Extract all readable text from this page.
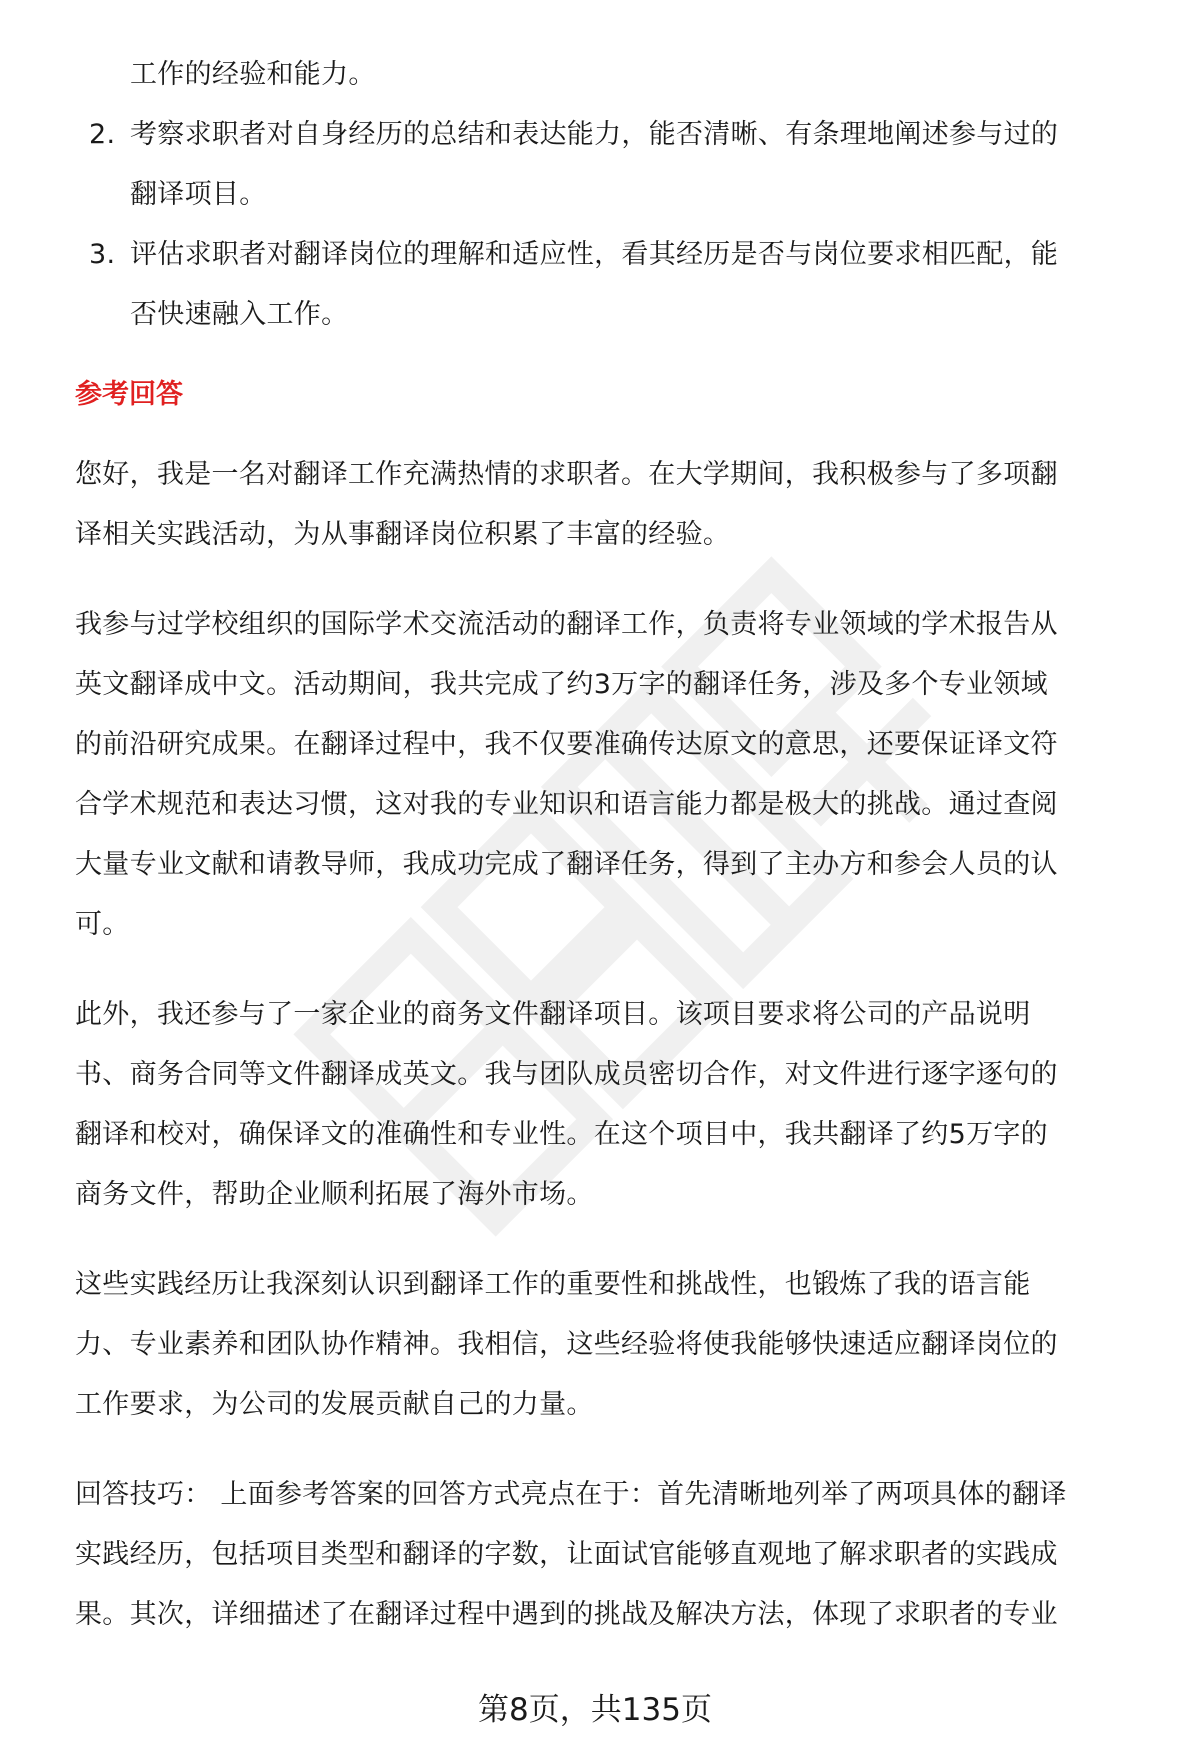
工作的经验和能力。
2. 考察求职者对自身经历的总结和表达能力，能否清晰、有条理地阐述参与过的
翻译项目。
3. 评估求职者对翻译岗位的理解和适应性，看其经历是否与岗位要求相匹配，能
否快速融入工作。
参考回答
您好，我是一名对翻译工作充满热情的求职者。在大学期间，我积极参与了多项翻
译相关实践活动，为从事翻译岗位积累了丰富的经验。
我参与过学校组织的国际学术交流活动的翻译工作，负责将专业领域的学术报告从
英文翻译成中文。活动期间，我共完成了约3万字的翻译任务，涉及多个专业领域
的前沿研究成果。在翻译过程中，我不仅要准确传达原文的意思，还要保证译文符
合学术规范和表达习惯，这对我的专业知识和语言能力都是极大的挑战。通过查阅
大量专业文献和请教导师，我成功完成了翻译任务，得到了主办方和参会人员的认
可。
此外，我还参与了一家企业的商务文件翻译项目。该项目要求将公司的产品说明
书、商务合同等文件翻译成英文。我与团队成员密切合作，对文件进行逐字逐句的
翻译和校对，确保译文的准确性和专业性。在这个项目中，我共翻译了约5万字的
商务文件，帮助企业顺利拓展了海外市场。
这些实践经历让我深刻认识到翻译工作的重要性和挑战性，也锻炼了我的语言能
力、专业素养和团队协作精神。我相信，这些经验将使我能够快速适应翻译岗位的
工作要求，为公司的发展贡献自己的力量。
回答技巧： 上面参考答案的回答方式亮点在于：首先清晰地列举了两项具体的翻译
实践经历，包括项目类型和翻译的字数，让面试官能够直观地了解求职者的实践成
果。其次，详细描述了在翻译过程中遇到的挑战及解决方法，体现了求职者的专业
第8页，共135页
